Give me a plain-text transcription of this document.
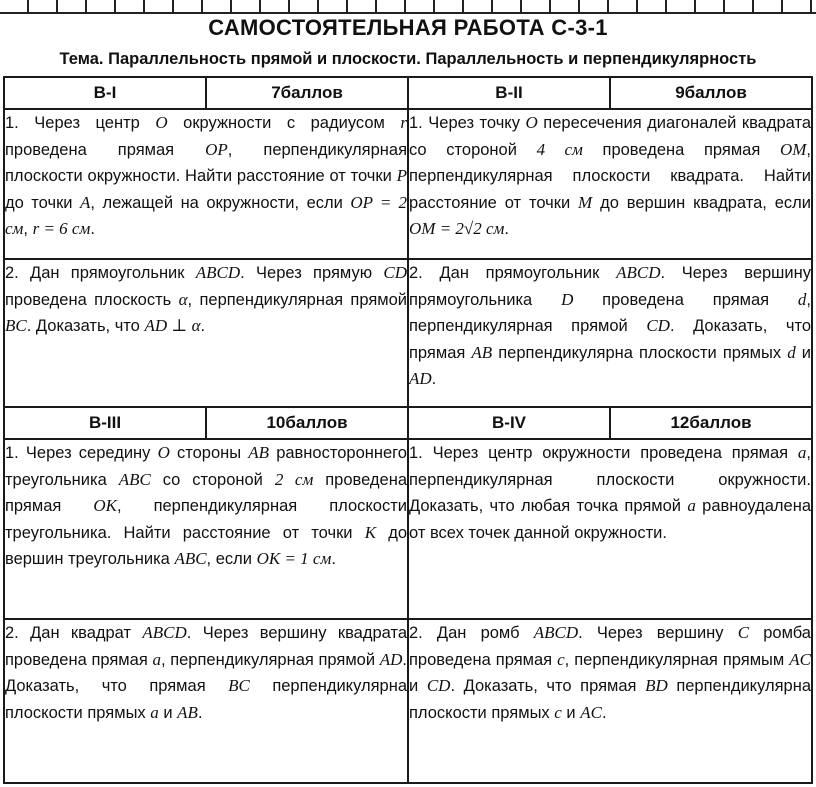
САМОСТОЯТЕЛЬНАЯ РАБОТА С-3-1
Тема. Параллельность прямой и плоскости. Параллельность и перпендикулярность
В-I	7баллов	В-II	9баллов
1. Через центр O окружности с радиусом r проведена прямая OP, перпендикулярная плоскости окружности. Найти расстояние от точки P до точки A, лежащей на окружности, если OP = 2 см, r = 6 см.		1. Через точку O пересечения диагоналей квадрата со стороной 4 см проведена прямая OM, перпендикулярная плоскости квадрата. Найти расстояние от точки M до вершин квадрата, если OM = 2√2 см.	
2. Дан прямоугольник ABCD. Через прямую CD проведена плоскость α, перпендикулярная прямой BC. Доказать, что AD ⊥ α.		2. Дан прямоугольник ABCD. Через вершину прямоугольника D проведена прямая d, перпендикулярная прямой CD. Доказать, что прямая AB перпендикулярна плоскости прямых d и AD.	
В-III	10баллов	В-IV	12баллов
1. Через середину O стороны AB равностороннего треугольника ABC со стороной 2 см проведена прямая OK, перпендикулярная плоскости треугольника. Найти расстояние от точки K до вершин треугольника ABC, если OK = 1 см.		1. Через центр окружности проведена прямая a, перпендикулярная плоскости окружности. Доказать, что любая точка прямой a равноудалена от всех точек данной окружности.	
2. Дан квадрат ABCD. Через вершину квадрата проведена прямая a, перпендикулярная прямой AD. Доказать, что прямая BC перпендикулярна плоскости прямых a и AB.		2. Дан ромб ABCD. Через вершину C ромба проведена прямая c, перпендикулярная прямым AC и CD. Доказать, что прямая BD перпендикулярна плоскости прямых c и AC.	
